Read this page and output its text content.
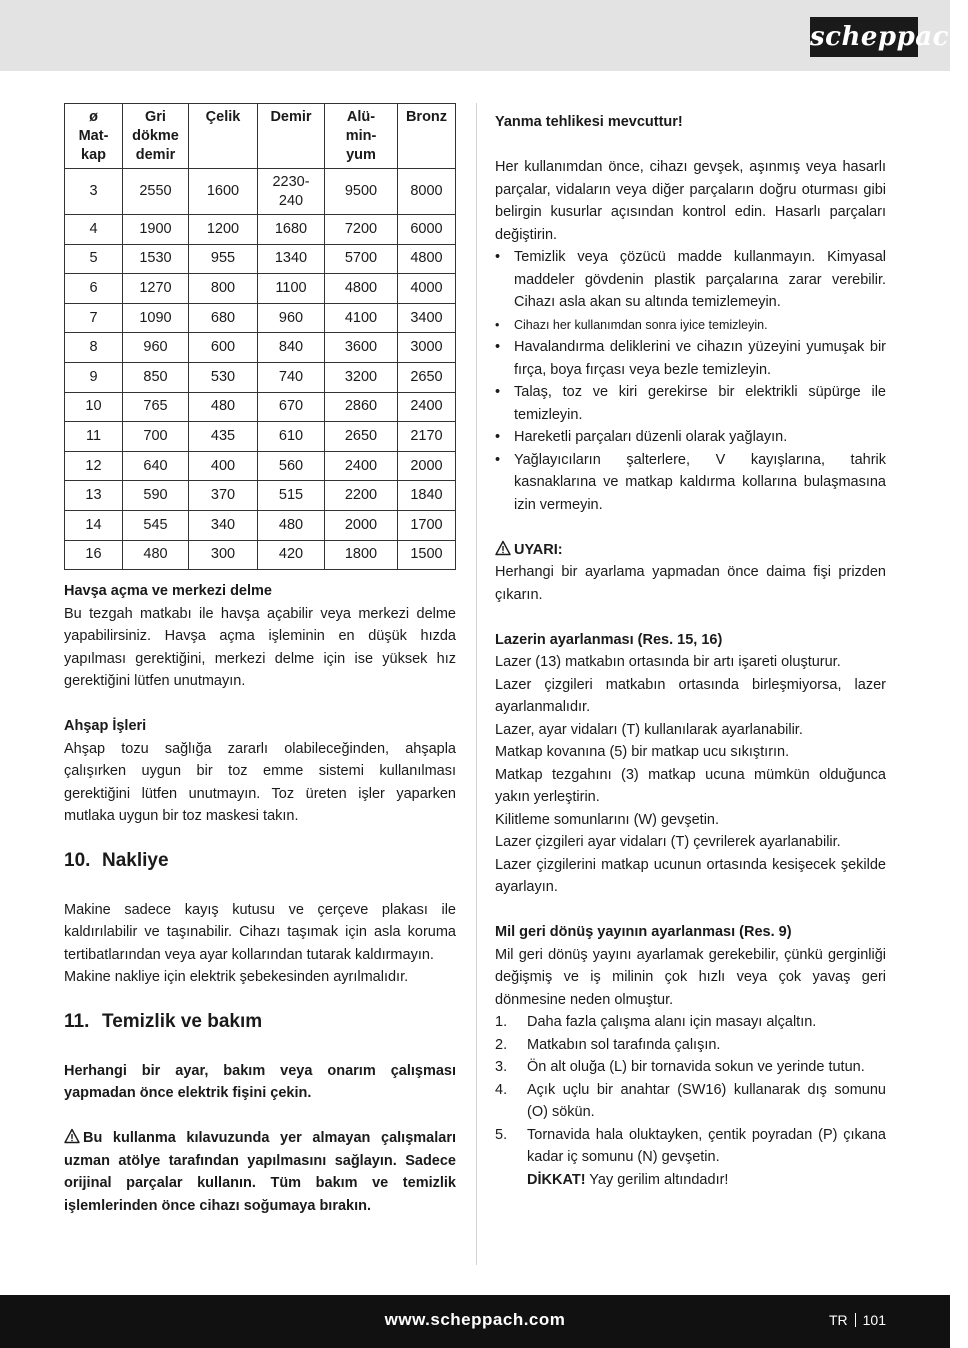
scheppach
ø
Mat-
kap	Gri
dökme
demir	Çelik	Demir	Alü-
min-
yum	Bronz
3	2550	1600	2230-
240	9500	8000
4	1900	1200	1680	7200	6000
5	1530	955	1340	5700	4800
6	1270	800	1100	4800	4000
7	1090	680	960	4100	3400
8	960	600	840	3600	3000
9	850	530	740	3200	2650
10	765	480	670	2860	2400
11	700	435	610	2650	2170
12	640	400	560	2400	2000
13	590	370	515	2200	1840
14	545	340	480	2000	1700
16	480	300	420	1800	1500

Havşa açma ve merkezi delme

Bu tezgah matkabı ile havşa açabilir veya merkezi delme yapabilirsiniz. Havşa açma işleminin en düşük hızda yapılması gerektiğini, merkezi delme için ise yüksek hız gerektiğini lütfen unutmayın.

Ahşap İşleri

Ahşap tozu sağlığa zararlı olabileceğinden, ahşapla çalışırken uygun bir toz emme sistemi kullanılması gerektiğini lütfen unutmayın. Toz üreten işler yaparken mutlaka uygun bir toz maskesi takın.

10. Nakliye

Makine sadece kayış kutusu ve çerçeve plakası ile kaldırılabilir ve taşınabilir. Cihazı taşımak için asla koruma tertibatlarından veya ayar kollarından tutarak kaldırmayın.

Makine nakliye için elektrik şebekesinden ayrılmalıdır.

11. Temizlik ve bakım

Herhangi bir ayar, bakım veya onarım çalışması yapmadan önce elektrik fişini çekin.

Bu kullanma kılavuzunda yer almayan çalışmaları uzman atölye tarafından yapılmasını sağlayın. Sadece orijinal parçalar kullanın. Tüm bakım ve temizlik işlemlerinden önce cihazı soğumaya bırakın.

Yanma tehlikesi mevcuttur!

Her kullanımdan önce, cihazı gevşek, aşınmış veya hasarlı parçalar, vidaların veya diğer parçaların doğru oturması gibi belirgin kusurlar açısından kontrol edin. Hasarlı parçaları değiştirin.

• Temizlik veya çözücü madde kullanmayın. Kimyasal maddeler gövdenin plastik parçalarına zarar verebilir. Cihazı asla akan su altında temizlemeyin.
• Cihazı her kullanımdan sonra iyice temizleyin.
• Havalandırma deliklerini ve cihazın yüzeyini yumuşak bir fırça, boya fırçası veya bezle temizleyin.
• Talaş, toz ve kiri gerekirse bir elektrikli süpürge ile temizleyin.
• Hareketli parçaları düzenli olarak yağlayın.
• Yağlayıcıların şalterlere, V kayışlarına, tahrik kasnaklarına ve matkap kaldırma kollarına bulaşmasına izin vermeyin.

UYARI:

Herhangi bir ayarlama yapmadan önce daima fişi prizden çıkarın.

Lazerin ayarlanması (Res. 15, 16)

Lazer (13) matkabın ortasında bir artı işareti oluşturur.

Lazer çizgileri matkabın ortasında birleşmiyorsa, lazer ayarlanmalıdır.

Lazer, ayar vidaları (T) kullanılarak ayarlanabilir.

Matkap kovanına (5) bir matkap ucu sıkıştırın.

Matkap tezgahını (3) matkap ucuna mümkün olduğunca yakın yerleştirin.

Kilitleme somunlarını (W) gevşetin.

Lazer çizgileri ayar vidaları (T) çevrilerek ayarlanabilir.

Lazer çizgilerini matkap ucunun ortasında kesişecek şekilde ayarlayın.

Mil geri dönüş yayının ayarlanması (Res. 9)

Mil geri dönüş yayını ayarlamak gerekebilir, çünkü gerginliği değişmiş ve iş milinin çok hızlı veya çok yavaş geri dönmesine neden olmuştur.

1. Daha fazla çalışma alanı için masayı alçaltın.
2. Matkabın sol tarafında çalışın.
3. Ön alt oluğa (L) bir tornavida sokun ve yerinde tutun.
4. Açık uçlu bir anahtar (SW16) kullanarak dış somunu (O) sökün.
5. Tornavida hala oluktayken, çentik poyradan (P) çıkana kadar iç somunu (N) gevşetin.
DİKKAT! Yay gerilim altındadır!
www.scheppach.com	TR 101
